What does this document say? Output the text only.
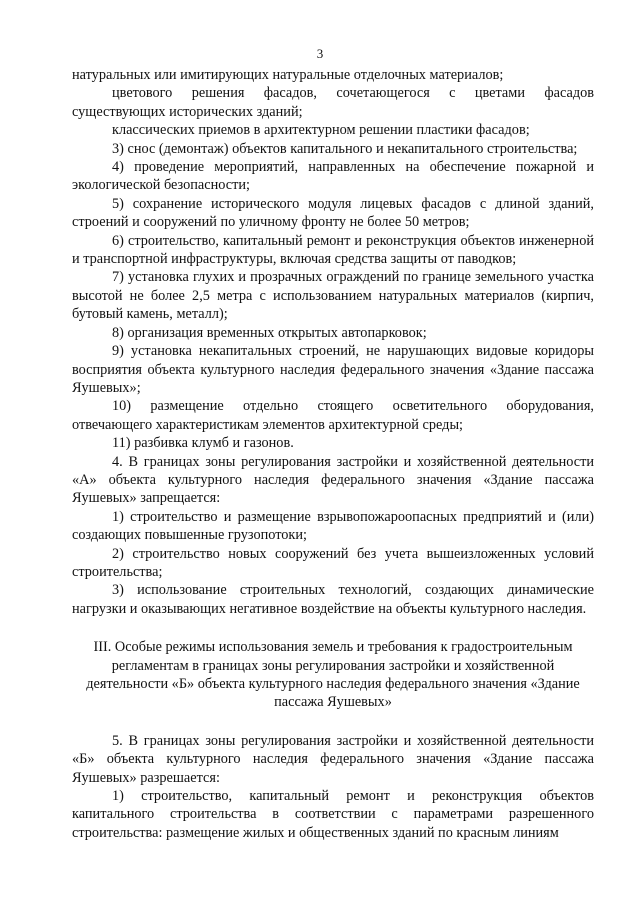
3

натуральных или имитирующих натуральные отделочных материалов;

цветового решения фасадов, сочетающегося с цветами фасадов существующих исторических зданий;

классических приемов в архитектурном решении пластики фасадов;

3) снос (демонтаж) объектов капитального и некапитального строительства;

4) проведение мероприятий, направленных на обеспечение пожарной и экологической безопасности;

5) сохранение исторического модуля лицевых фасадов с длиной зданий, строений и сооружений по уличному фронту не более 50 метров;

6) строительство, капитальный ремонт и реконструкция объектов инженерной и транспортной инфраструктуры, включая средства защиты от паводков;

7) установка глухих и прозрачных ограждений по границе земельного участка высотой не более 2,5 метра с использованием натуральных материалов (кирпич, бутовый камень, металл);

8) организация временных открытых автопарковок;

9) установка некапитальных строений, не нарушающих видовые коридоры восприятия объекта культурного наследия федерального значения «Здание пассажа Яушевых»;

10) размещение отдельно стоящего осветительного оборудования, отвечающего характеристикам элементов архитектурной среды;

11) разбивка клумб и газонов.

4. В границах зоны регулирования застройки и хозяйственной деятельности «А» объекта культурного наследия федерального значения «Здание пассажа Яушевых» запрещается:

1) строительство и размещение взрывопожароопасных предприятий и (или) создающих повышенные грузопотоки;

2) строительство новых сооружений без учета вышеизложенных условий строительства;

3) использование строительных технологий, создающих динамические нагрузки и оказывающих негативное воздействие на объекты культурного наследия.

III. Особые режимы использования земель и требования к градостроительным регламентам в границах зоны регулирования застройки и хозяйственной деятельности «Б» объекта культурного наследия федерального значения «Здание пассажа Яушевых»

5. В границах зоны регулирования застройки и хозяйственной деятельности «Б» объекта культурного наследия федерального значения «Здание пассажа Яушевых» разрешается:

1) строительство, капитальный ремонт и реконструкция объектов капитального строительства в соответствии с параметрами разрешенного строительства: размещение жилых и общественных зданий по красным линиям
